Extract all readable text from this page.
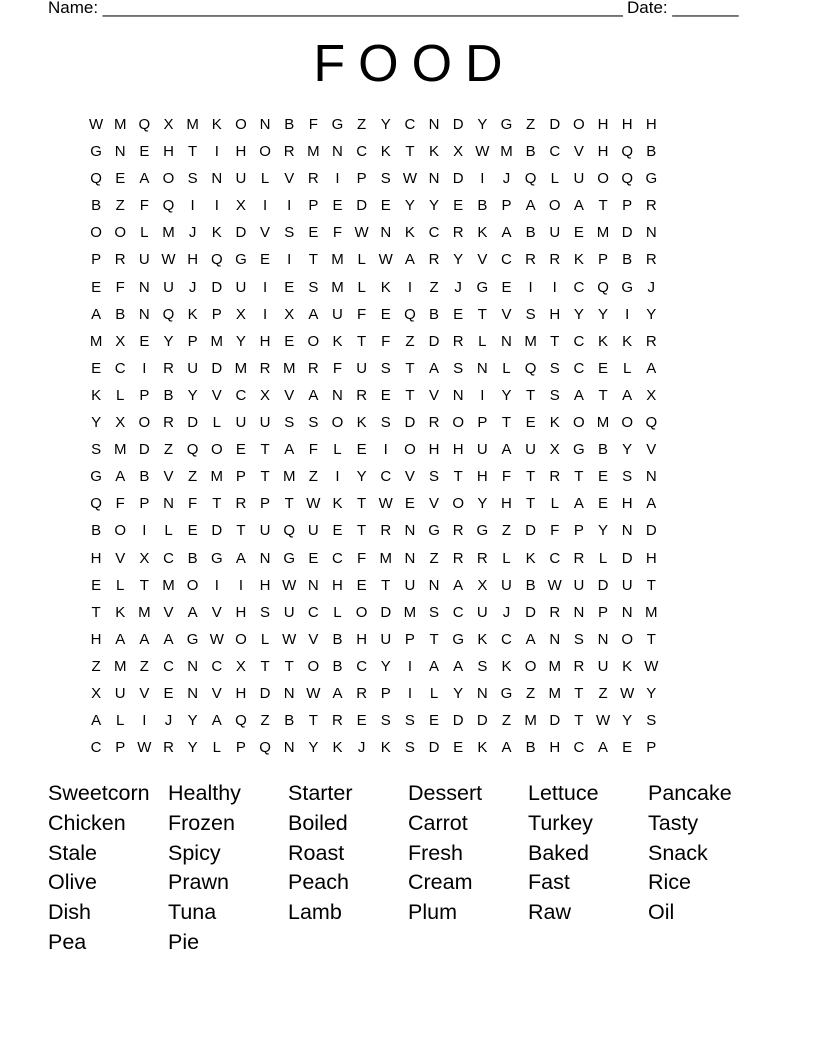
Name: _______________________________________________________ Date: _______
FOOD
W M Q X M K O N B F G Z Y C N D Y G Z D O H H H
G N E H T	I	H O R M N C K T K X W M B C V H Q B
Q E A O S N U L V R	I	P S W N D	I	J Q L U O Q G
B Z F Q	I	I	X	I	I	P E D E Y Y E B P A O A T P R
O O L M J	K D V S E F W N K C R K A B U E M D N
P R U W H Q G E	I	T M L W A R Y V C R R K P B R
E F N U J D U	I	E S M L K	I	Z	J G E	I	I	C Q G J
A B N Q K P X	I	X A U F E Q B E T V S H Y Y	I	Y
M X E Y P M Y H E O K T F Z D R L N M T C K K R
E C	I	R U D M R M R F U S T A S N L Q S C E L A
K L P B Y V C X V A N R E T V N	I	Y T S A T A X
Y X O R D L U U S S O K S D R O P T E K O M O Q
S M D Z Q O E T A F	L E	I	O H H U A U X G B Y V
G A B V Z M P T M Z	I	Y C V S T H F T R T E S N
Q F P N F T R P T W K T W E V O Y H T	L A E H A
B O	I	L E D T U Q U E T R N G R G Z D F P Y N D
H V X C B G A N G E C F M N Z R R L K C R L D H
E L	T M O	I	I	H W N H E T U N A X U B W U D U T
T K M V A V H S U C L O D M S C U J D R N P N M
H A A A G W O L W V B H U P T G K C A N S N O T
Z M Z C N C X T T O B C Y	I	A A S K O M R U K W
X U V E N V H D N W A R P	I	L Y N G Z M T Z W Y
A L	I	J	Y A Q Z B T R E S S E D D Z M D T W Y S
C P W R Y L P Q N Y K	J	K S D E K A B H C A E P
Sweetcorn Healthy	Starter	Dessert	Lettuce	Pancake
Chicken	Frozen	Boiled	Carrot	Turkey	Tasty
Stale	Spicy	Roast	Fresh	Baked	Snack
Olive	Prawn	Peach	Cream	Fast	Rice
Dish	Tuna	Lamb	Plum	Raw	Oil
Pea	Pie
